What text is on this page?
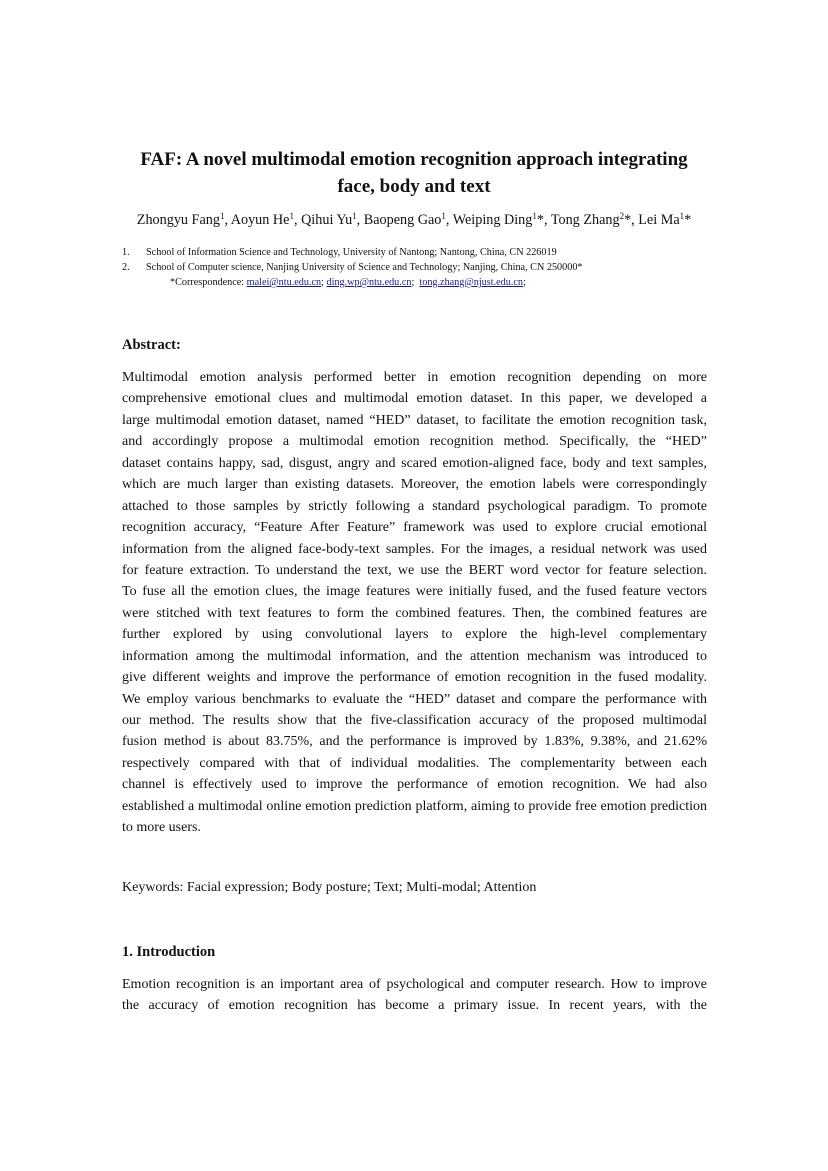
FAF: A novel multimodal emotion recognition approach integrating
face, body and text
Zhongyu Fang$^1$, Aoyun He$^1$, Qihui Yu$^1$, Baopeng Gao$^1$, Weiping Ding$^1$*, Tong Zhang$^2$*, Lei Ma$^1$*
1.	School of Information Science and Technology, University of Nantong; Nantong, China, CN 226019
2.	School of Computer science, Nanjing University of Science and Technology; Nanjing, China, CN 250000*
*Correspondence: malei@ntu.edu.cn; ding.wp@ntu.edu.cn;  tong.zhang@njust.edu.cn;
Abstract:
Multimodal emotion analysis performed better in emotion recognition depending on more
comprehensive emotional clues and multimodal emotion dataset. In this paper, we developed a
large multimodal emotion dataset, named “HED” dataset, to facilitate the emotion recognition task,
and accordingly propose a multimodal emotion recognition method. Specifically, the “HED”
dataset contains happy, sad, disgust, angry and scared emotion-aligned face, body and text samples,
which are much larger than existing datasets. Moreover, the emotion labels were correspondingly
attached to those samples by strictly following a standard psychological paradigm. To promote
recognition accuracy, “Feature After Feature” framework was used to explore crucial emotional
information from the aligned face-body-text samples. For the images, a residual network was used
for feature extraction. To understand the text, we use the BERT word vector for feature selection.
To fuse all the emotion clues, the image features were initially fused, and the fused feature vectors
were stitched with text features to form the combined features. Then, the combined features are
further explored by using convolutional layers to explore the high-level complementary
information among the multimodal information, and the attention mechanism was introduced to
give different weights and improve the performance of emotion recognition in the fused modality.
We employ various benchmarks to evaluate the “HED” dataset and compare the performance with
our method. The results show that the five-classification accuracy of the proposed multimodal
fusion method is about 83.75%, and the performance is improved by 1.83%, 9.38%, and 21.62%
respectively compared with that of individual modalities. The complementarity between each
channel is effectively used to improve the performance of emotion recognition. We had also
established a multimodal online emotion prediction platform, aiming to provide free emotion prediction
to more users.
Keywords: Facial expression; Body posture; Text; Multi-modal; Attention
1. Introduction
Emotion recognition is an important area of psychological and computer research. How to improve
the accuracy of emotion recognition has become a primary issue. In recent years, with the
